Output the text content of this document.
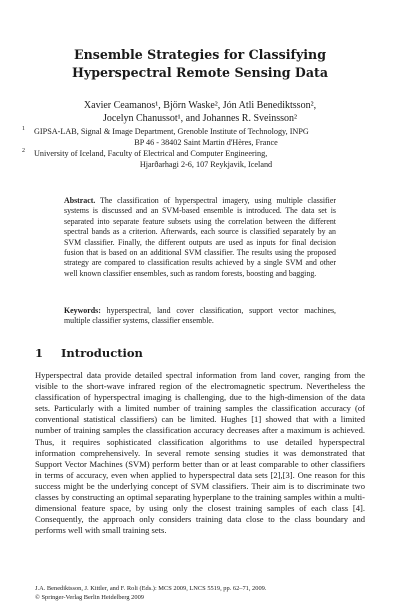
Ensemble Strategies for Classifying
Hyperspectral Remote Sensing Data
Xavier Ceamanos¹, Björn Waske², Jón Atli Benediktsson²,
Jocelyn Chanussot¹, and Johannes R. Sveinsson²
1 GIPSA-LAB, Signal & Image Department, Grenoble Institute of Technology, INPG
BP 46 - 38402 Saint Martin d'Hères, France
2 University of Iceland, Faculty of Electrical and Computer Engineering,
Hjarðarhagi 2-6, 107 Reykjavik, Iceland
Abstract. The classification of hyperspectral imagery, using multiple classifier systems is discussed and an SVM-based ensemble is introduced. The data set is separated into separate feature subsets using the correlation between the different spectral bands as a criterion. Afterwards, each source is classified separately by an SVM classifier. Finally, the different outputs are used as inputs for final decision fusion that is based on an additional SVM classifier. The results using the proposed strategy are compared to classification results achieved by a single SVM and other well known classifier ensembles, such as random forests, boosting and bagging.
Keywords: hyperspectral, land cover classification, support vector machines, multiple classifier systems, classifier ensemble.
1 Introduction
Hyperspectral data provide detailed spectral information from land cover, ranging from the visible to the short-wave infrared region of the electromagnetic spectrum. Nevertheless the classification of hyperspectral imaging is challenging, due to the high-dimension of the data sets. Particularly with a limited number of training samples the classification accuracy (of conventional statistical classifiers) can be limited. Hughes [1] showed that with a limited number of training samples the classification accuracy decreases after a maximum is achieved. Thus, it requires sophisticated classification algorithms to use detailed hyperspectral information comprehensively. In several remote sensing studies it was demonstrated that Support Vector Machines (SVM) perform better than or at least comparable to other classifiers in terms of accuracy, even when applied to hyperspectral data sets [2],[3]. One reason for this success might be the underlying concept of SVM classifiers. Their aim is to discriminate two classes by constructing an optimal separating hyperplane to the training samples within a multi-dimensional feature space, by using only the closest training samples of each class [4]. Consequently, the approach only considers training data close to the class boundary and performs well with small training sets.
J.A. Benediktsson, J. Kittler, and F. Roli (Eds.): MCS 2009, LNCS 5519, pp. 62–71, 2009.
© Springer-Verlag Berlin Heidelberg 2009
